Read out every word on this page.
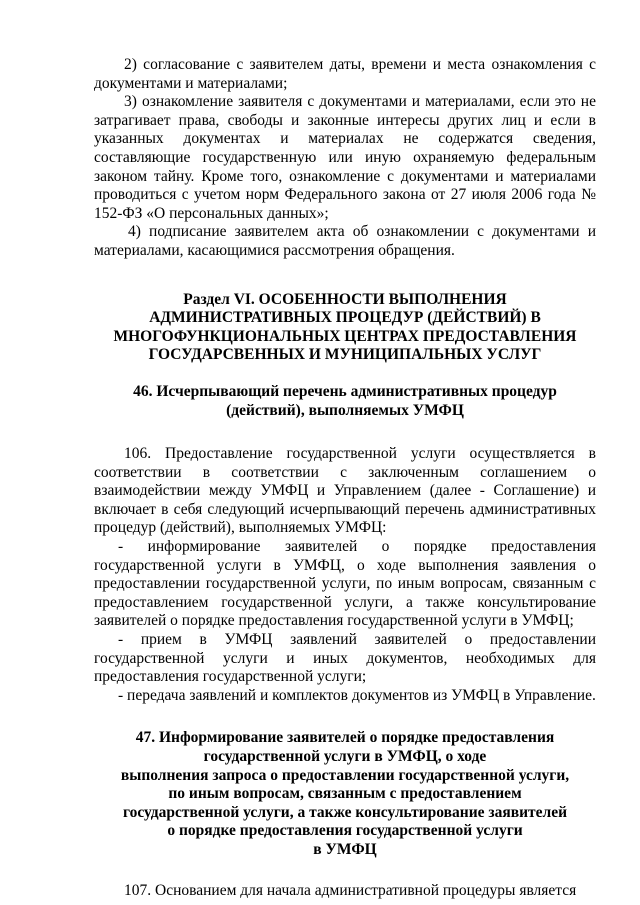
2) согласование с заявителем даты, времени и места ознакомления с документами и материалами;

3) ознакомление заявителя с документами и материалами, если это не затрагивает права, свободы и законные интересы других лиц и если в указанных документах и материалах не содержатся сведения, составляющие государственную или иную охраняемую федеральным законом тайну. Кроме того, ознакомление с документами и материалами проводиться с учетом норм Федерального закона от 27 июля 2006 года № 152-ФЗ «О персональных данных»;

4) подписание заявителем акта об ознакомлении с документами и материалами, касающимися рассмотрения обращения.

Раздел VI. ОСОБЕННОСТИ ВЫПОЛНЕНИЯ

АДМИНИСТРАТИВНЫХ ПРОЦЕДУР (ДЕЙСТВИЙ) В

МНОГОФУНКЦИОНАЛЬНЫХ ЦЕНТРАХ ПРЕДОСТАВЛЕНИЯ

ГОСУДАРСВЕННЫХ И МУНИЦИПАЛЬНЫХ УСЛУГ

46. Исчерпывающий перечень административных процедур

(действий), выполняемых УМФЦ

106. Предоставление государственной услуги осуществляется в соответствии в соответствии с заключенным соглашением о взаимодействии между УМФЦ и Управлением (далее - Соглашение) и включает в себя следующий исчерпывающий перечень административных процедур (действий), выполняемых УМФЦ:

- информирование заявителей о порядке предоставления государственной услуги в УМФЦ, о ходе выполнения заявления о предоставлении государственной услуги, по иным вопросам, связанным с предоставлением государственной услуги, а также консультирование заявителей о порядке предоставления государственной услуги в УМФЦ;

- прием в УМФЦ заявлений заявителей о предоставлении государственной услуги и иных документов, необходимых для предоставления государственной услуги;

- передача заявлений и комплектов документов из УМФЦ в Управление.

47. Информирование заявителей о порядке предоставления

государственной услуги в УМФЦ, о ходе

выполнения запроса о предоставлении государственной услуги,

по иным вопросам, связанным с предоставлением

государственной услуги, а также консультирование заявителей

о порядке предоставления государственной услуги

в УМФЦ

107. Основанием для начала административной процедуры является
